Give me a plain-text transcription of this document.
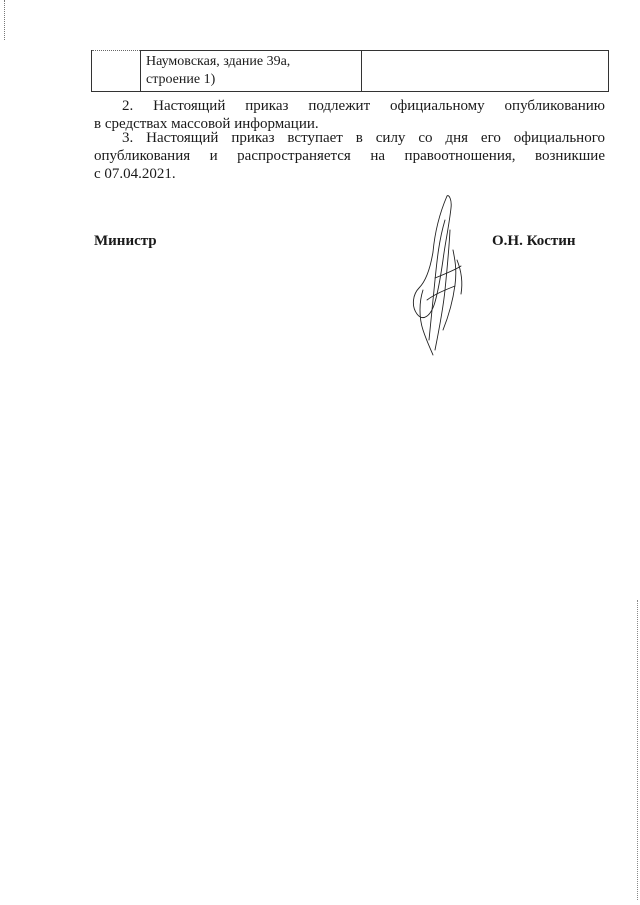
Наумовская, здание 39а,
строение 1)

2. Настоящий приказ подлежит официальному опубликованию
в средствах массовой информации.
3. Настоящий приказ вступает в силу со дня его официального
опубликования и распространяется на правоотношения, возникшие
с 07.04.2021.
Министр	О.Н. Костин
